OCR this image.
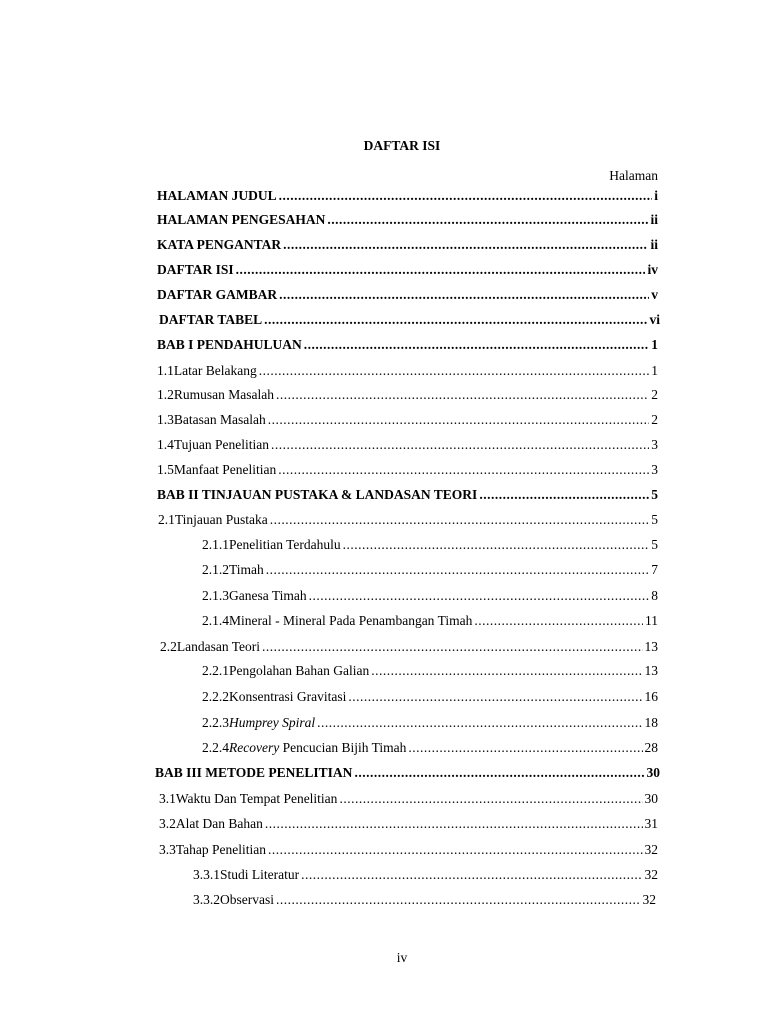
DAFTAR ISI
Halaman
HALAMAN JUDUL .....	i
HALAMAN PENGESAHAN .....	ii
KATA PENGANTAR .....	ii
DAFTAR ISI .....	iv
DAFTAR GAMBAR .....	v
DAFTAR TABEL .....	vi
BAB I PENDAHULUAN .....	1
1.1 Latar Belakang .....	1
1.2 Rumusan Masalah .....	2
1.3 Batasan Masalah .....	2
1.4 Tujuan Penelitian .....	3
1.5 Manfaat Penelitian .....	3
BAB II TINJAUAN PUSTAKA & LANDASAN TEORI .....	5
2.1 Tinjauan Pustaka .....	5
2.1.1 Penelitian Terdahulu .....	5
2.1.2 Timah .....	7
2.1.3 Ganesa Timah .....	8
2.1.4 Mineral - Mineral Pada Penambangan Timah .....	11
2.2 Landasan Teori .....	13
2.2.1 Pengolahan Bahan Galian .....	13
2.2.2 Konsentrasi Gravitasi .....	16
2.2.3 Humprey Spiral .....	18
2.2.4 Recovery Pencucian Bijih Timah .....	28
BAB III METODE PENELITIAN .....	30
3.1 Waktu Dan Tempat Penelitian .....	30
3.2 Alat Dan Bahan .....	31
3.3 Tahap Penelitian .....	32
3.3.1 Studi Literatur .....	32
3.3.2 Observasi .....	32
iv
